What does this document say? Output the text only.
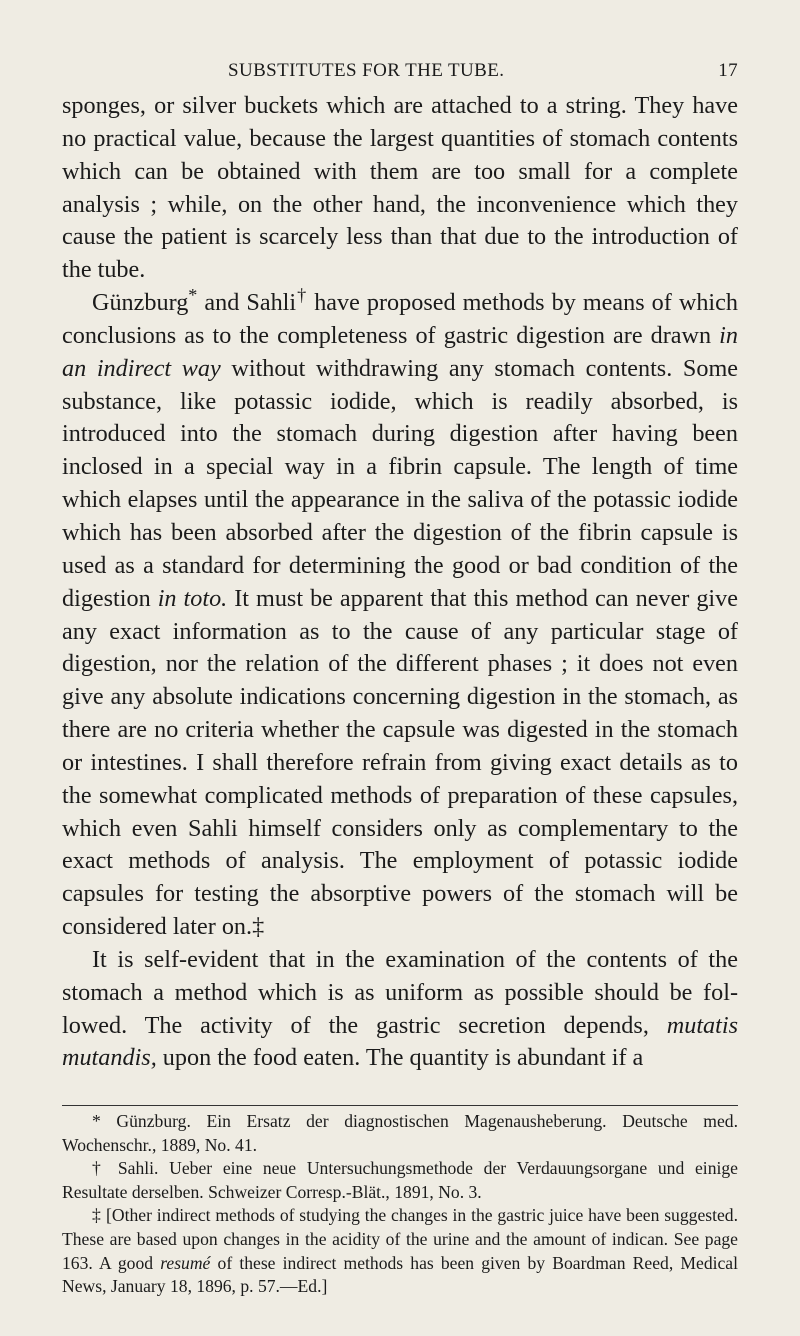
SUBSTITUTES FOR THE TUBE.	17

sponges, or silver buckets which are attached to a string. They have no practical value, because the largest quantities of stomach contents which can be obtained with them are too small for a complete analysis ; while, on the other hand, the inconvenience which they cause the patient is scarcely less than that due to the introduction of the tube.

Günzburg* and Sahli† have proposed methods by means of which conclusions as to the completeness of gastric digestion are drawn in an indirect way without withdrawing any stomach contents. Some substance, like potassic iodide, which is readily absorbed, is introduced into the stomach during digestion after having been inclosed in a special way in a fibrin capsule. The length of time which elapses until the appearance in the saliva of the potassic iodide which has been absorbed after the digestion of the fibrin capsule is used as a standard for determining the good or bad condition of the digestion in toto. It must be apparent that this method can never give any exact information as to the cause of any particular stage of digestion, nor the relation of the different phases ; it does not even give any absolute indications concerning digestion in the stomach, as there are no criteria whether the capsule was digested in the stomach or intestines. I shall therefore refrain from giving exact details as to the somewhat complicated methods of preparation of these capsules, which even Sahli himself considers only as complementary to the exact methods of analysis. The employment of potassic iodide capsules for testing the absorptive powers of the stomach will be considered later on.‡

It is self-evident that in the examination of the contents of the stomach a method which is as uniform as possible should be followed. The activity of the gastric secretion depends, mutatis mutandis, upon the food eaten. The quantity is abundant if a

* Günzburg. Ein Ersatz der diagnostischen Magenausheberung. Deutsche med. Wochenschr., 1889, No. 41.

† Sahli. Ueber eine neue Untersuchungsmethode der Verdauungsorgane und einige Resultate derselben. Schweizer Corresp.-Blät., 1891, No. 3.

‡ [Other indirect methods of studying the changes in the gastric juice have been suggested. These are based upon changes in the acidity of the urine and the amount of indican. See page 163. A good resumé of these indirect methods has been given by Boardman Reed, Medical News, January 18, 1896, p. 57.—Ed.]
